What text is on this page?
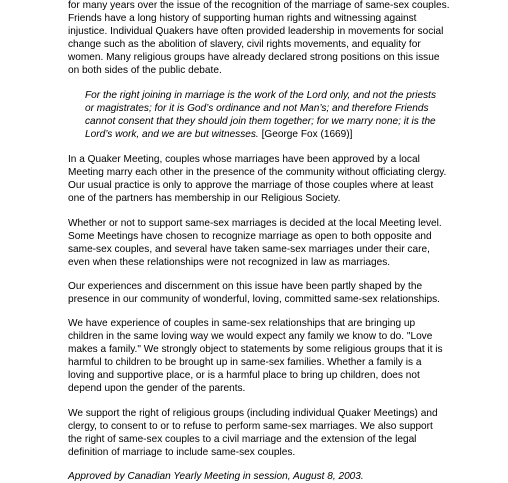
for many years over the issue of the recognition of the marriage of same-sex couples.
Friends have a long history of supporting human rights and witnessing against
injustice. Individual Quakers have often provided leadership in movements for social
change such as the abolition of slavery, civil rights movements, and equality for
women. Many religious groups have already declared strong positions on this issue
on both sides of the public debate.
For the right joining in marriage is the work of the Lord only, and not the priests
or magistrates; for it is God’s ordinance and not Man’s; and therefore Friends
cannot consent that they should join them together; for we marry none; it is the
Lord’s work, and we are but witnesses. [George Fox (1669)]
In a Quaker Meeting, couples whose marriages have been approved by a local
Meeting marry each other in the presence of the community without officiating clergy.
Our usual practice is only to approve the marriage of those couples where at least
one of the partners has membership in our Religious Society.
Whether or not to support same-sex marriages is decided at the local Meeting level.
Some Meetings have chosen to recognize marriage as open to both opposite and
same-sex couples, and several have taken same-sex marriages under their care,
even when these relationships were not recognized in law as marriages.
Our experiences and discernment on this issue have been partly shaped by the
presence in our community of wonderful, loving, committed same-sex relationships.
We have experience of couples in same-sex relationships that are bringing up
children in the same loving way we would expect any family we know to do. "Love
makes a family." We strongly object to statements by some religious groups that it is
harmful to children to be brought up in same-sex families. Whether a family is a
loving and supportive place, or is a harmful place to bring up children, does not
depend upon the gender of the parents.
We support the right of religious groups (including individual Quaker Meetings) and
clergy, to consent to or to refuse to perform same-sex marriages. We also support
the right of same-sex couples to a civil marriage and the extension of the legal
definition of marriage to include same-sex couples.
Approved by Canadian Yearly Meeting in session, August 8, 2003.
